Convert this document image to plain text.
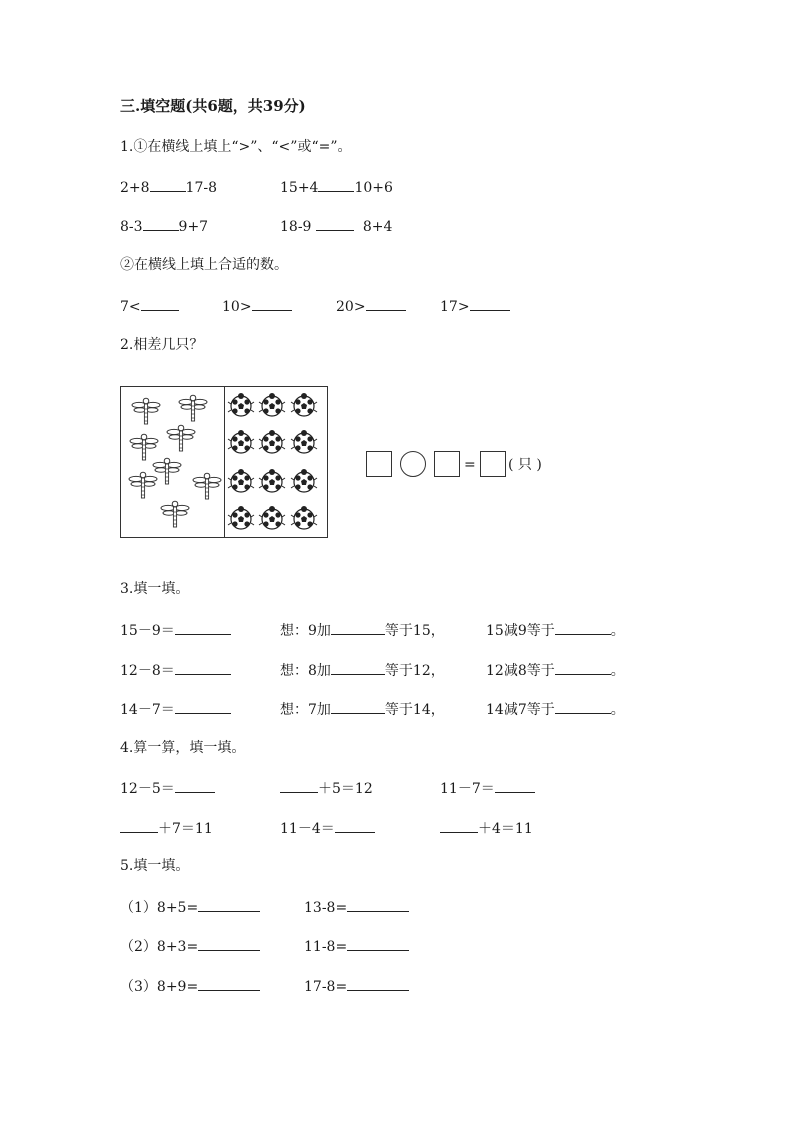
三.填空题(共6题，共39分)
1.①在横线上填上“>”、“<”或“=”。
2+8	17-8	15+4	10+6
8-3	9+7	18-9	8+4
②在横线上填上合适的数。
7<	10>	20>	17>
2.相差几只？
= ( 只 )
3.填一填。
15－9＝	想：9加	等于15，	15减9等于	。
12－8＝	想：8加	等于12，	12减8等于	。
14－7＝	想：7加	等于14，	14减7等于	。
4.算一算，填一填。
12－5＝	＋5＝12	11－7＝
＋7＝11	11－4＝	＋4＝11
5.填一填。
（1）8+5=	13-8=
（2）8+3=	11-8=
（3）8+9=	17-8=
